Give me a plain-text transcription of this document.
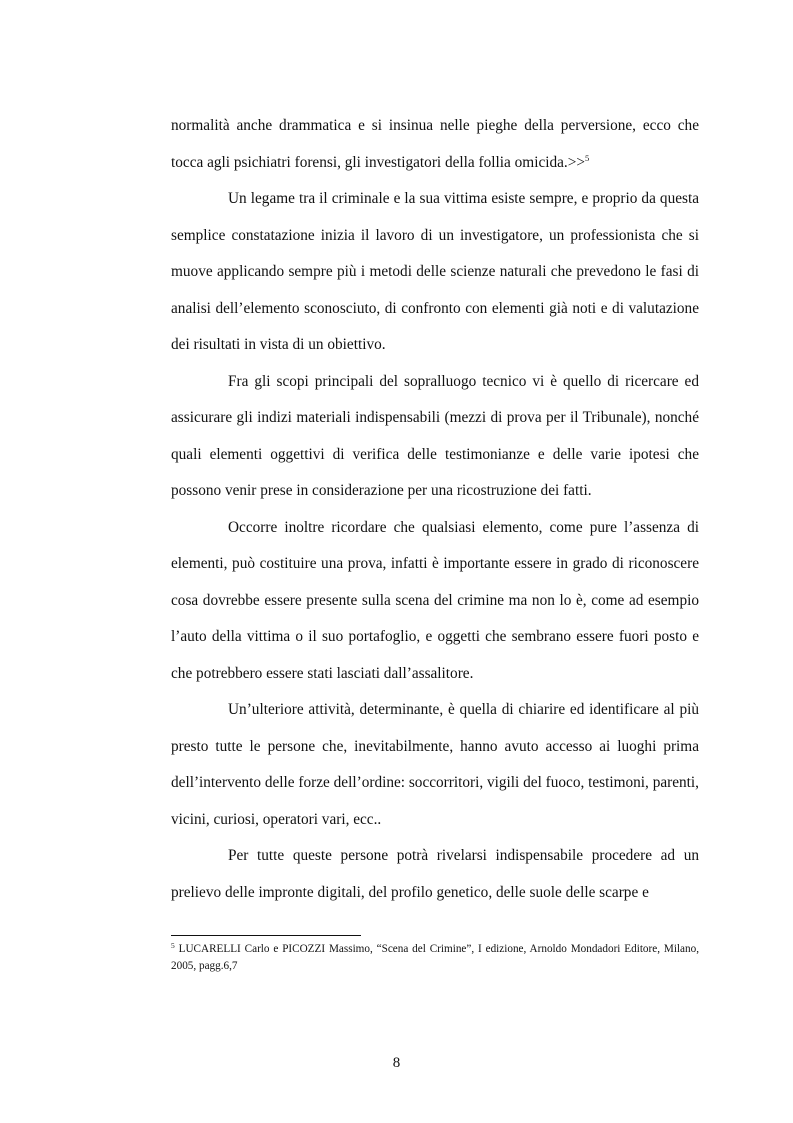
normalità anche drammatica e si insinua nelle pieghe della perversione, ecco che tocca agli psichiatri forensi, gli investigatori della follia omicida.>>$^5$

Un legame tra il criminale e la sua vittima esiste sempre, e proprio da questa semplice constatazione inizia il lavoro di un investigatore, un professionista che si muove applicando sempre più i metodi delle scienze naturali che prevedono le fasi di analisi dell’elemento sconosciuto, di confronto con elementi già noti e di valutazione dei risultati in vista di un obiettivo.

Fra gli scopi principali del sopralluogo tecnico vi è quello di ricercare ed assicurare gli indizi materiali indispensabili (mezzi di prova per il Tribunale), nonché quali elementi oggettivi di verifica delle testimonianze e delle varie ipotesi che possono venir prese in considerazione per una ricostruzione dei fatti.

Occorre inoltre ricordare che qualsiasi elemento, come pure l’assenza di elementi, può costituire una prova, infatti è importante essere in grado di riconoscere cosa dovrebbe essere presente sulla scena del crimine ma non lo è, come ad esempio l’auto della vittima o il suo portafoglio, e oggetti che sembrano essere fuori posto e che potrebbero essere stati lasciati dall’assalitore.

Un’ulteriore attività, determinante, è quella di chiarire ed identificare al più presto tutte le persone che, inevitabilmente, hanno avuto accesso ai luoghi prima dell’intervento delle forze dell’ordine: soccorritori, vigili del fuoco, testimoni, parenti, vicini, curiosi, operatori vari, ecc..

Per tutte queste persone potrà rivelarsi indispensabile procedere ad un prelievo delle impronte digitali, del profilo genetico, delle suole delle scarpe e

$^5$ LUCARELLI Carlo e PICOZZI Massimo, “Scena del Crimine”, I edizione, Arnoldo Mondadori Editore, Milano, 2005, pagg.6,7
8
